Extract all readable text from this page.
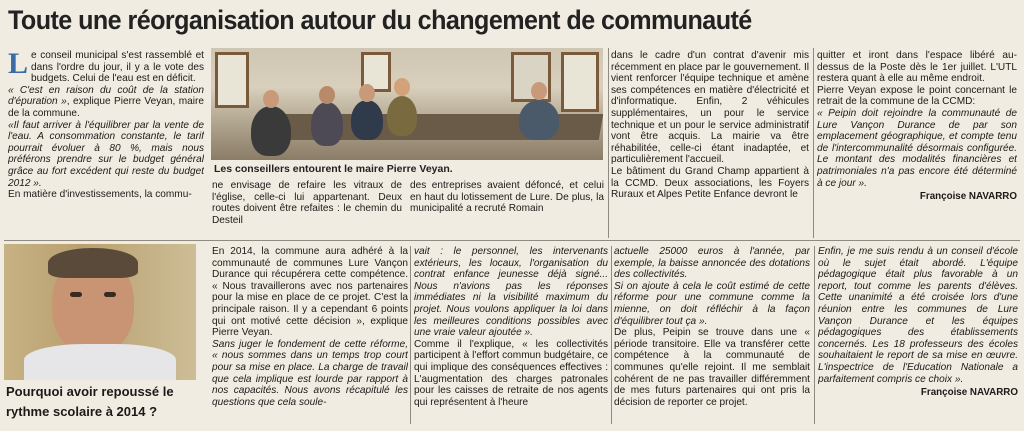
Toute une réorganisation autour du changement de communauté

L e conseil municipal s'est rassemblé et dans l'ordre du jour, il y a le vote des budgets. Celui de l'eau est en déficit.

« C'est en raison du coût de la station d'épuration », explique Pierre Veyan, maire de la commune.

«Il faut arriver à l'équilibrer par la vente de l'eau. A consommation constante, le tarif pourrait évoluer à 80 %, mais nous préférons prendre sur le budget général grâce au fort excédent qui reste du budget 2012 ».

En matière d'investissements, la commu-

Les conseillers entourent le maire Pierre Veyan.

ne envisage de refaire les vitraux de l'église, celle-ci lui appartenant. Deux routes doivent être refaites : le chemin du Desteil

des entreprises avaient défoncé, et celui en haut du lotissement de Lure. De plus, la municipalité a recruté Romain

dans le cadre d'un contrat d'avenir mis récemment en place par le gouvernement. Il vient renforcer l'équipe technique et amène ses compétences en matière d'électricité et d'informatique. Enfin, 2 véhicules supplémentaires, un pour le service technique et un pour le service administratif vont être acquis. La mairie va être réhabilitée, celle-ci étant inadaptée, et particulièrement l'accueil.

Le bâtiment du Grand Champ appartient à la CCMD. Deux associations, les Foyers Ruraux et Alpes Petite Enfance devront le

quitter et iront dans l'espace libéré au-dessus de la Poste dès le 1er juillet. L'UTL restera quant à elle au même endroit.

Pierre Veyan expose le point concernant le retrait de la commune de la CCMD:

« Peipin doit rejoindre la communauté de Lure Vançon Durance de par son emplacement géographique, et compte tenu de l'intercommunalité désormais configurée. Le montant des modalités financières et patrimoniales n'a pas encore été déterminé à ce jour ».

Françoise NAVARRO
Pourquoi avoir repoussé le rythme scolaire à 2014 ?

En 2014, la commune aura adhéré à la communauté de communes Lure Vançon Durance qui récupérera cette compétence. « Nous travaillerons avec nos partenaires pour la mise en place de ce projet. C'est la principale raison. Il y a cependant 6 points qui ont motivé cette décision », explique Pierre Veyan.

Sans juger le fondement de cette réforme, « nous sommes dans un temps trop court pour sa mise en place. La charge de travail que cela implique est lourde par rapport à nos capacités. Nous avons récapitulé les questions que cela soule-

vait : le personnel, les intervenants extérieurs, les locaux, l'organisation du contrat enfance jeunesse déjà signé... Nous n'avions pas les réponses immédiates ni la visibilité maximum du projet. Nous voulons appliquer la loi dans les meilleures conditions possibles avec une vraie valeur ajoutée ».

Comme il l'explique, « les collectivités participent à l'effort commun budgétaire, ce qui implique des conséquences effectives : L'augmentation des charges patronales pour les caisses de retraite de nos agents qui représentent à l'heure

actuelle 25000 euros à l'année, par exemple, la baisse annoncée des dotations des collectivités.

Si on ajoute à cela le coût estimé de cette réforme pour une commune comme la mienne, on doit réfléchir à la façon d'équilibrer tout ça ».

De plus, Peipin se trouve dans une « période transitoire. Elle va transférer cette compétence à la communauté de communes qu'elle rejoint. Il me semblait cohérent de ne pas travailler différemment de mes futurs partenaires qui ont pris la décision de reporter ce projet.

Enfin, je me suis rendu à un conseil d'école où le sujet était abordé. L'équipe pédagogique était plus favorable à un report, tout comme les parents d'élèves. Cette unanimité a été croisée lors d'une réunion entre les communes de Lure Vançon Durance et les équipes pédagogiques des établissements concernés. Les 18 professeurs des écoles souhaitaient le report de sa mise en œuvre. L'inspectrice de l'Education Nationale a parfaitement compris ce choix ».

Françoise NAVARRO
